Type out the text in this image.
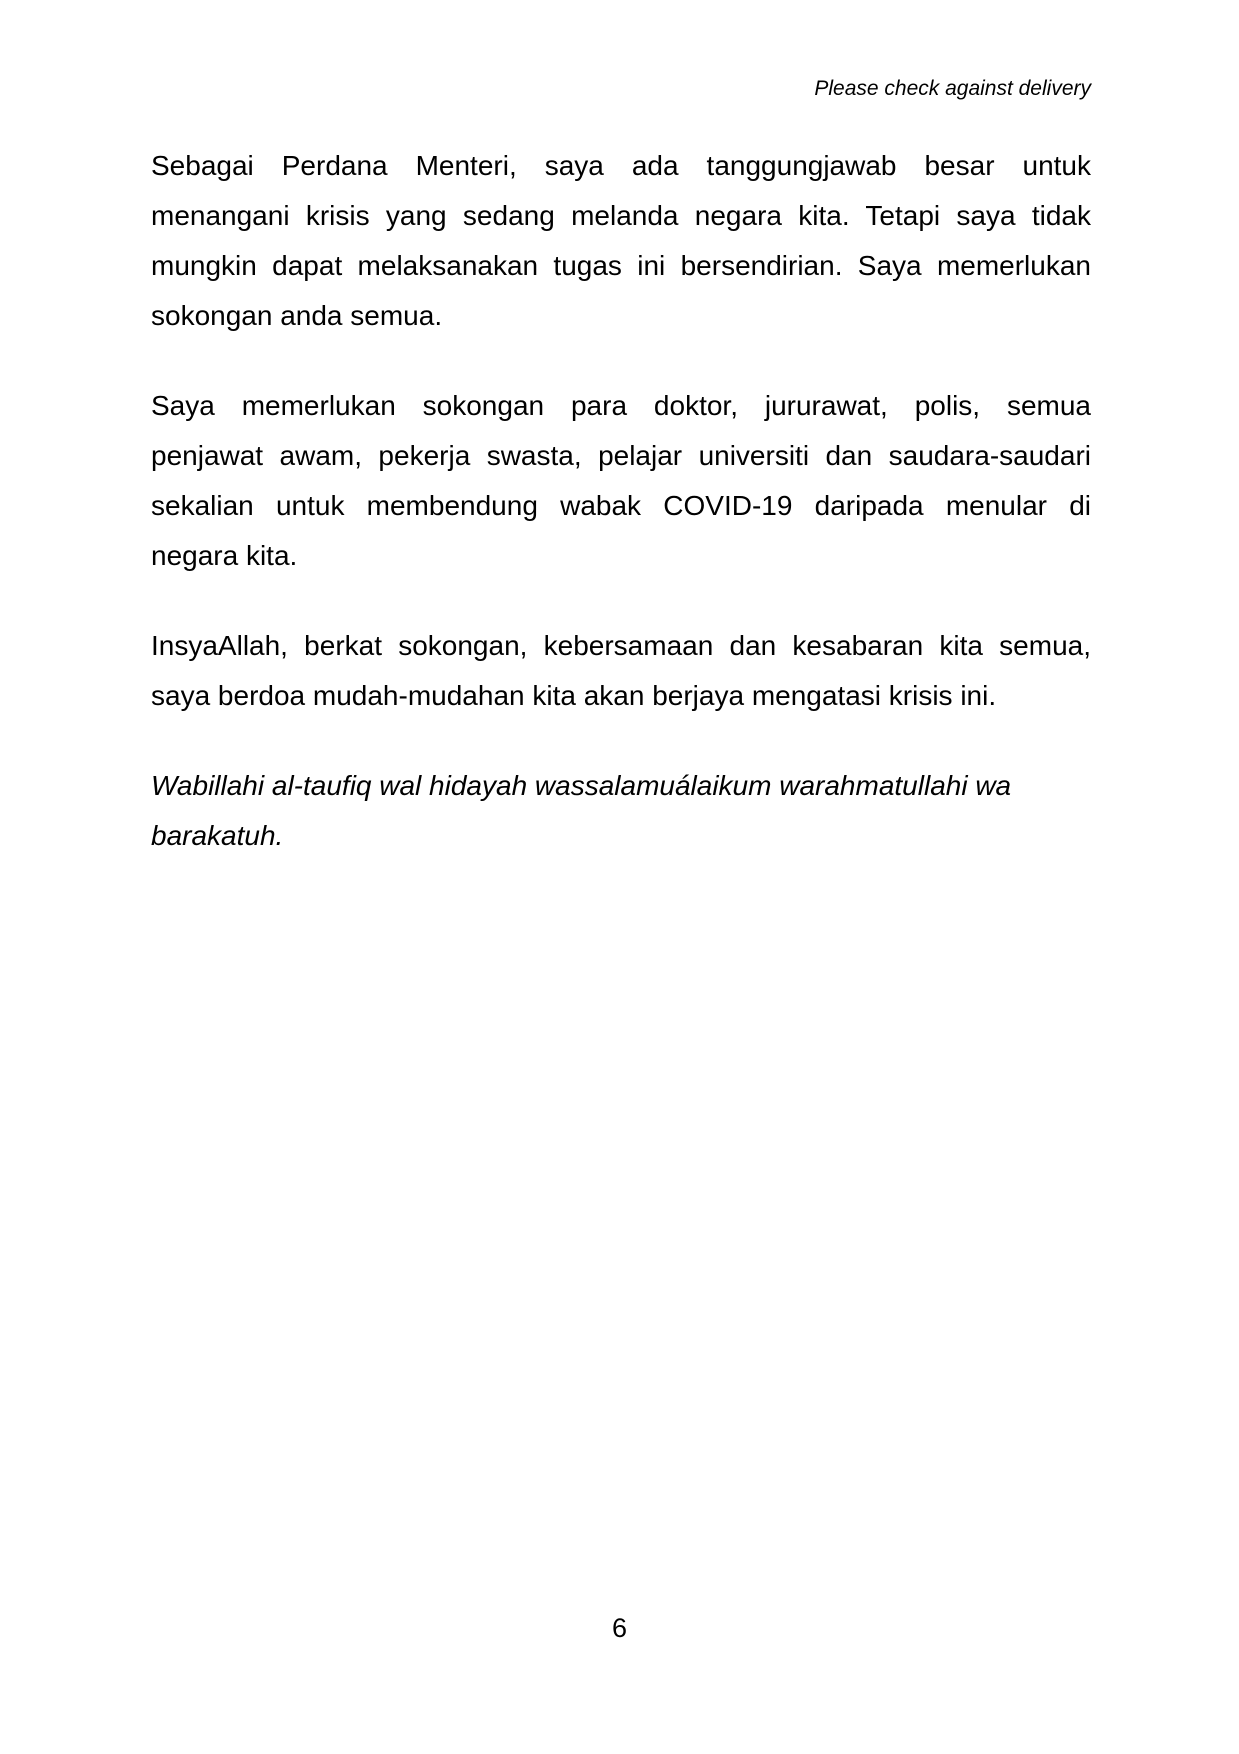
Please check against delivery
Sebagai Perdana Menteri, saya ada tanggungjawab besar untuk
menangani krisis yang sedang melanda negara kita. Tetapi saya tidak
mungkin dapat melaksanakan tugas ini bersendirian. Saya memerlukan
sokongan anda semua.
Saya memerlukan sokongan para doktor, jururawat, polis, semua
penjawat awam, pekerja swasta, pelajar universiti dan saudara-saudari
sekalian untuk membendung wabak COVID-19 daripada menular di
negara kita.
InsyaAllah, berkat sokongan, kebersamaan dan kesabaran kita semua,
saya berdoa mudah-mudahan kita akan berjaya mengatasi krisis ini.
Wabillahi al-taufiq wal hidayah wassalamuálaikum warahmatullahi wa
barakatuh.
6
